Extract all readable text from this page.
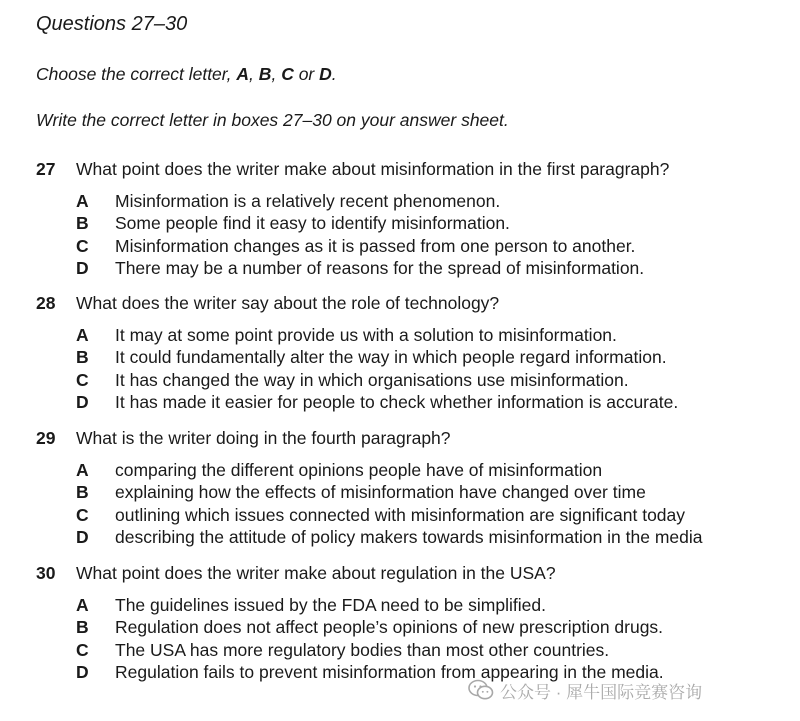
Questions 27–30
Choose the correct letter, A, B, C or D.
Write the correct letter in boxes 27–30 on your answer sheet.
27 What point does the writer make about misinformation in the first paragraph?
A Misinformation is a relatively recent phenomenon.
B Some people find it easy to identify misinformation.
C Misinformation changes as it is passed from one person to another.
D There may be a number of reasons for the spread of misinformation.
28 What does the writer say about the role of technology?
A It may at some point provide us with a solution to misinformation.
B It could fundamentally alter the way in which people regard information.
C It has changed the way in which organisations use misinformation.
D It has made it easier for people to check whether information is accurate.
29 What is the writer doing in the fourth paragraph?
A comparing the different opinions people have of misinformation
B explaining how the effects of misinformation have changed over time
C outlining which issues connected with misinformation are significant today
D describing the attitude of policy makers towards misinformation in the media
30 What point does the writer make about regulation in the USA?
A The guidelines issued by the FDA need to be simplified.
B Regulation does not affect people’s opinions of new prescription drugs.
C The USA has more regulatory bodies than most other countries.
D Regulation fails to prevent misinformation from appearing in the media.
公众号 · 犀牛国际竞赛咨询
